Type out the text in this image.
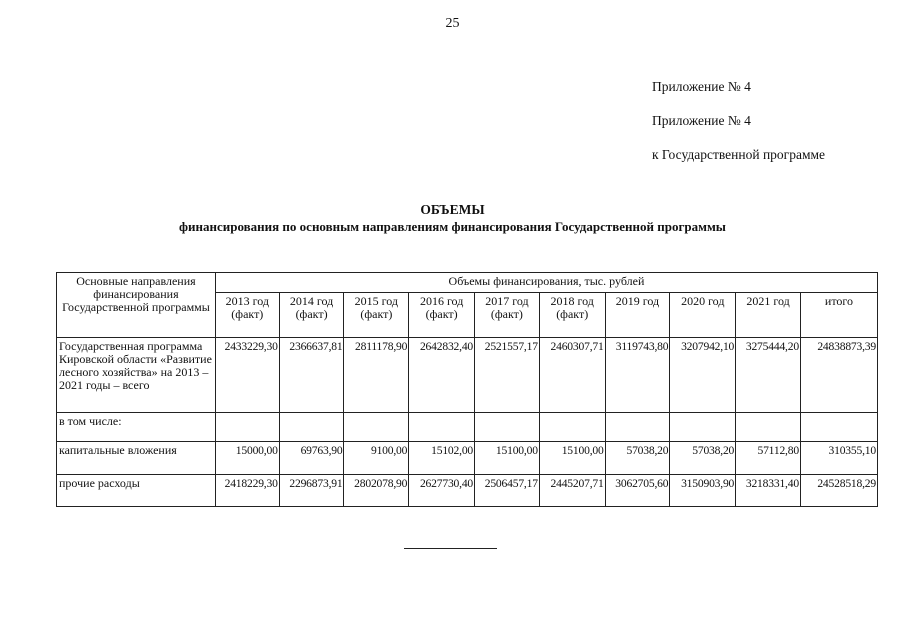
25
Приложение № 4
Приложение № 4
к Государственной программе
ОБЪЕМЫ
финансирования по основным направлениям финансирования Государственной программы
Основные направления финансирования Государственной программы	Объемы финансирования, тыс. рублей									
	2013 год (факт)	2014 год (факт)	2015 год (факт)	2016 год (факт)	2017 год (факт)	2018 год (факт)	2019 год	2020 год	2021 год	итого
Государственная программа Кировской области «Развитие лесного хозяйства» на 2013 – 2021 годы – всего	2433229,30	2366637,81	2811178,90	2642832,40	2521557,17	2460307,71	3119743,80	3207942,10	3275444,20	24838873,39
в том числе:										
капитальные вложения	15000,00	69763,90	9100,00	15102,00	15100,00	15100,00	57038,20	57038,20	57112,80	310355,10
прочие расходы	2418229,30	2296873,91	2802078,90	2627730,40	2506457,17	2445207,71	3062705,60	3150903,90	3218331,40	24528518,29
